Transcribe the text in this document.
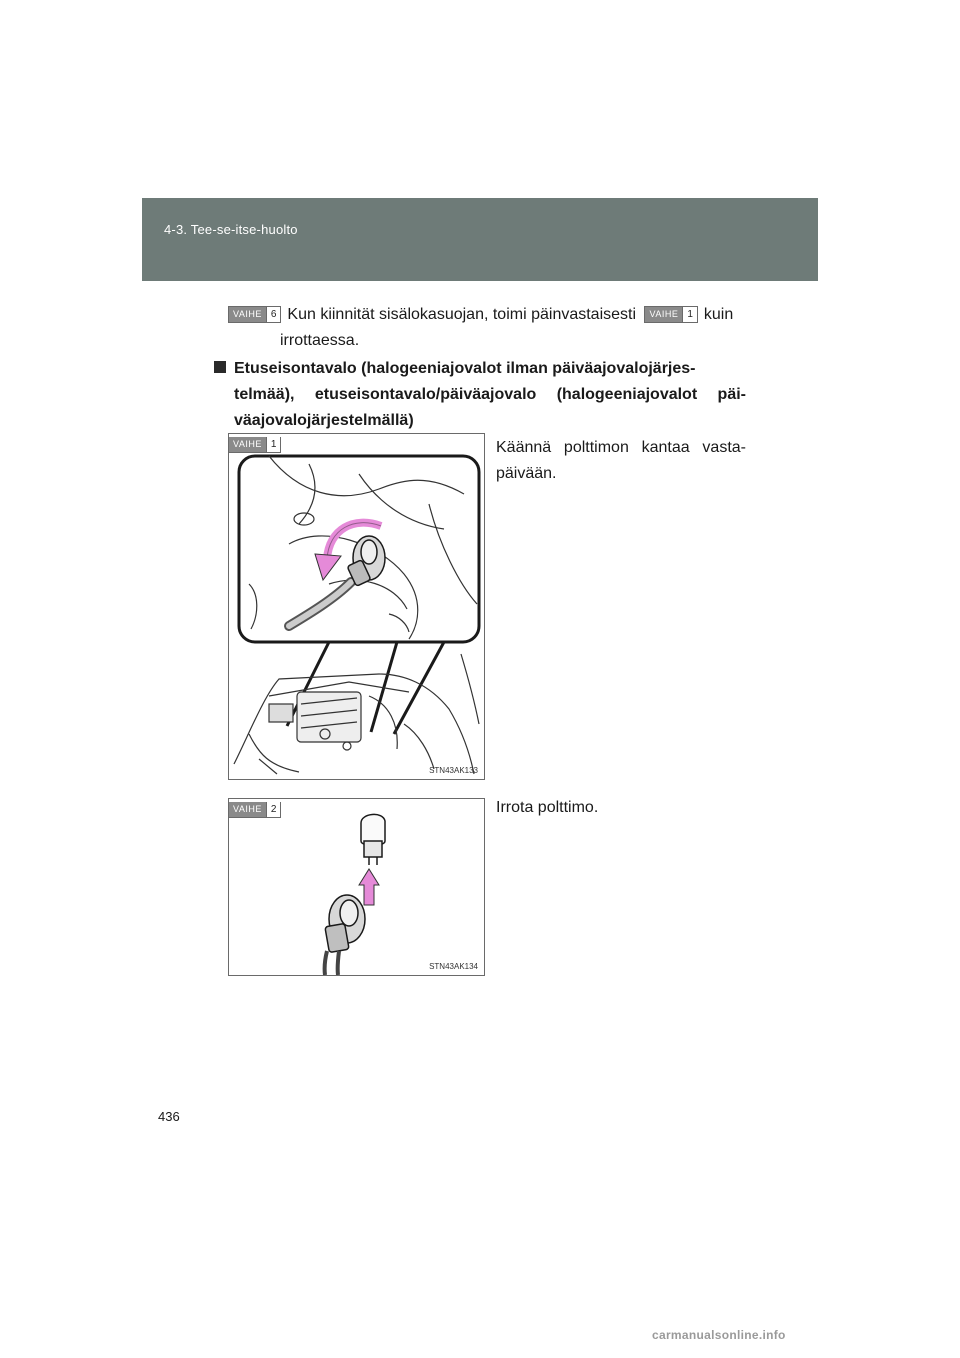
4-3. Tee-se-itse-huolto
VAIHE 6 Kun kiinnität sisälokasuojan, toimi päinvastaisesti	VAIHE 1 kuin
irrottaessa.
Etuseisontavalo (halogeeniajovalot ilman päiväajovalojärjes-
telmää), etuseisontavalo/päiväajovalo (halogeeniajovalot päi-väajovalojärjestelmällä)
VAIHE 1
STN43AK133
Käännä polttimon kantaa vasta-päivään.
VAIHE 2
STN43AK134
Irrota polttimo.
436
carmanualsonline.info
